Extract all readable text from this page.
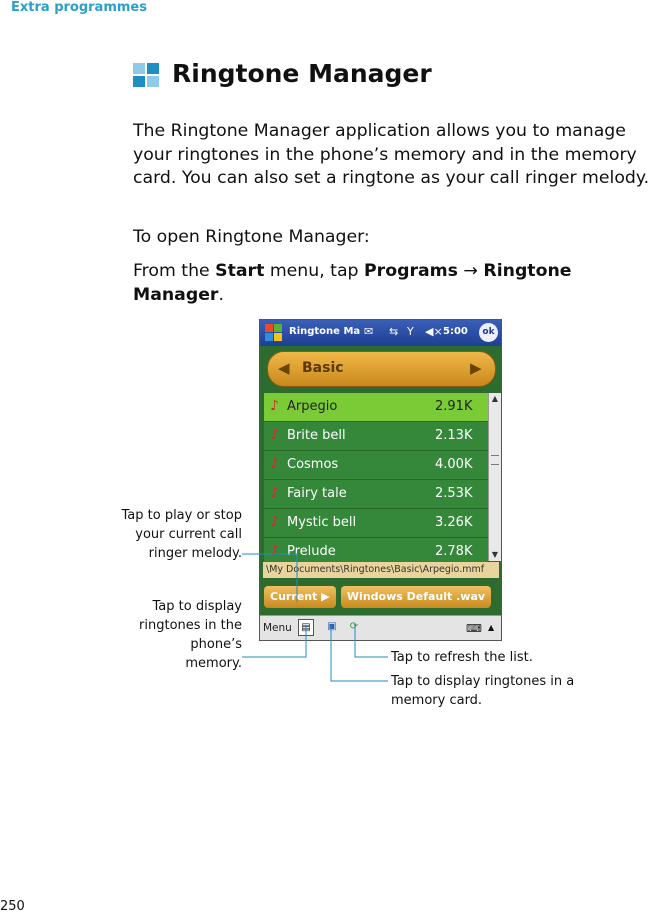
Extra programmes
Ringtone Manager

The Ringtone Manager application allows you to manage your ringtones in the phone’s memory and in the memory card. You can also set a ringtone as your call ringer melody.

To open Ringtone Manager:

From the Start menu, tap Programs → Ringtone Manager.

Ringtone Ma ✉ ⇆ Y ◀× 5:00	ok
◀ Basic	▶
♪ Arpegio	2.91K
♪ Brite bell	2.13K
♪ Cosmos	4.00K
♪ Fairy tale	2.53K
♪ Mystic bell	3.26K
♪ Prelude	2.78K
▲
▼
\My Documents\Ringtones\Basic\Arpegio.mmf
Current ▶	Windows Default .wav
Menu ▤	▣	⟳	⌨ ▲
Tap to play or stop your current call ringer melody.
Tap to display ringtones in the phone’s memory.	Tap to refresh the list.
Tap to display ringtones in a memory card.
250
